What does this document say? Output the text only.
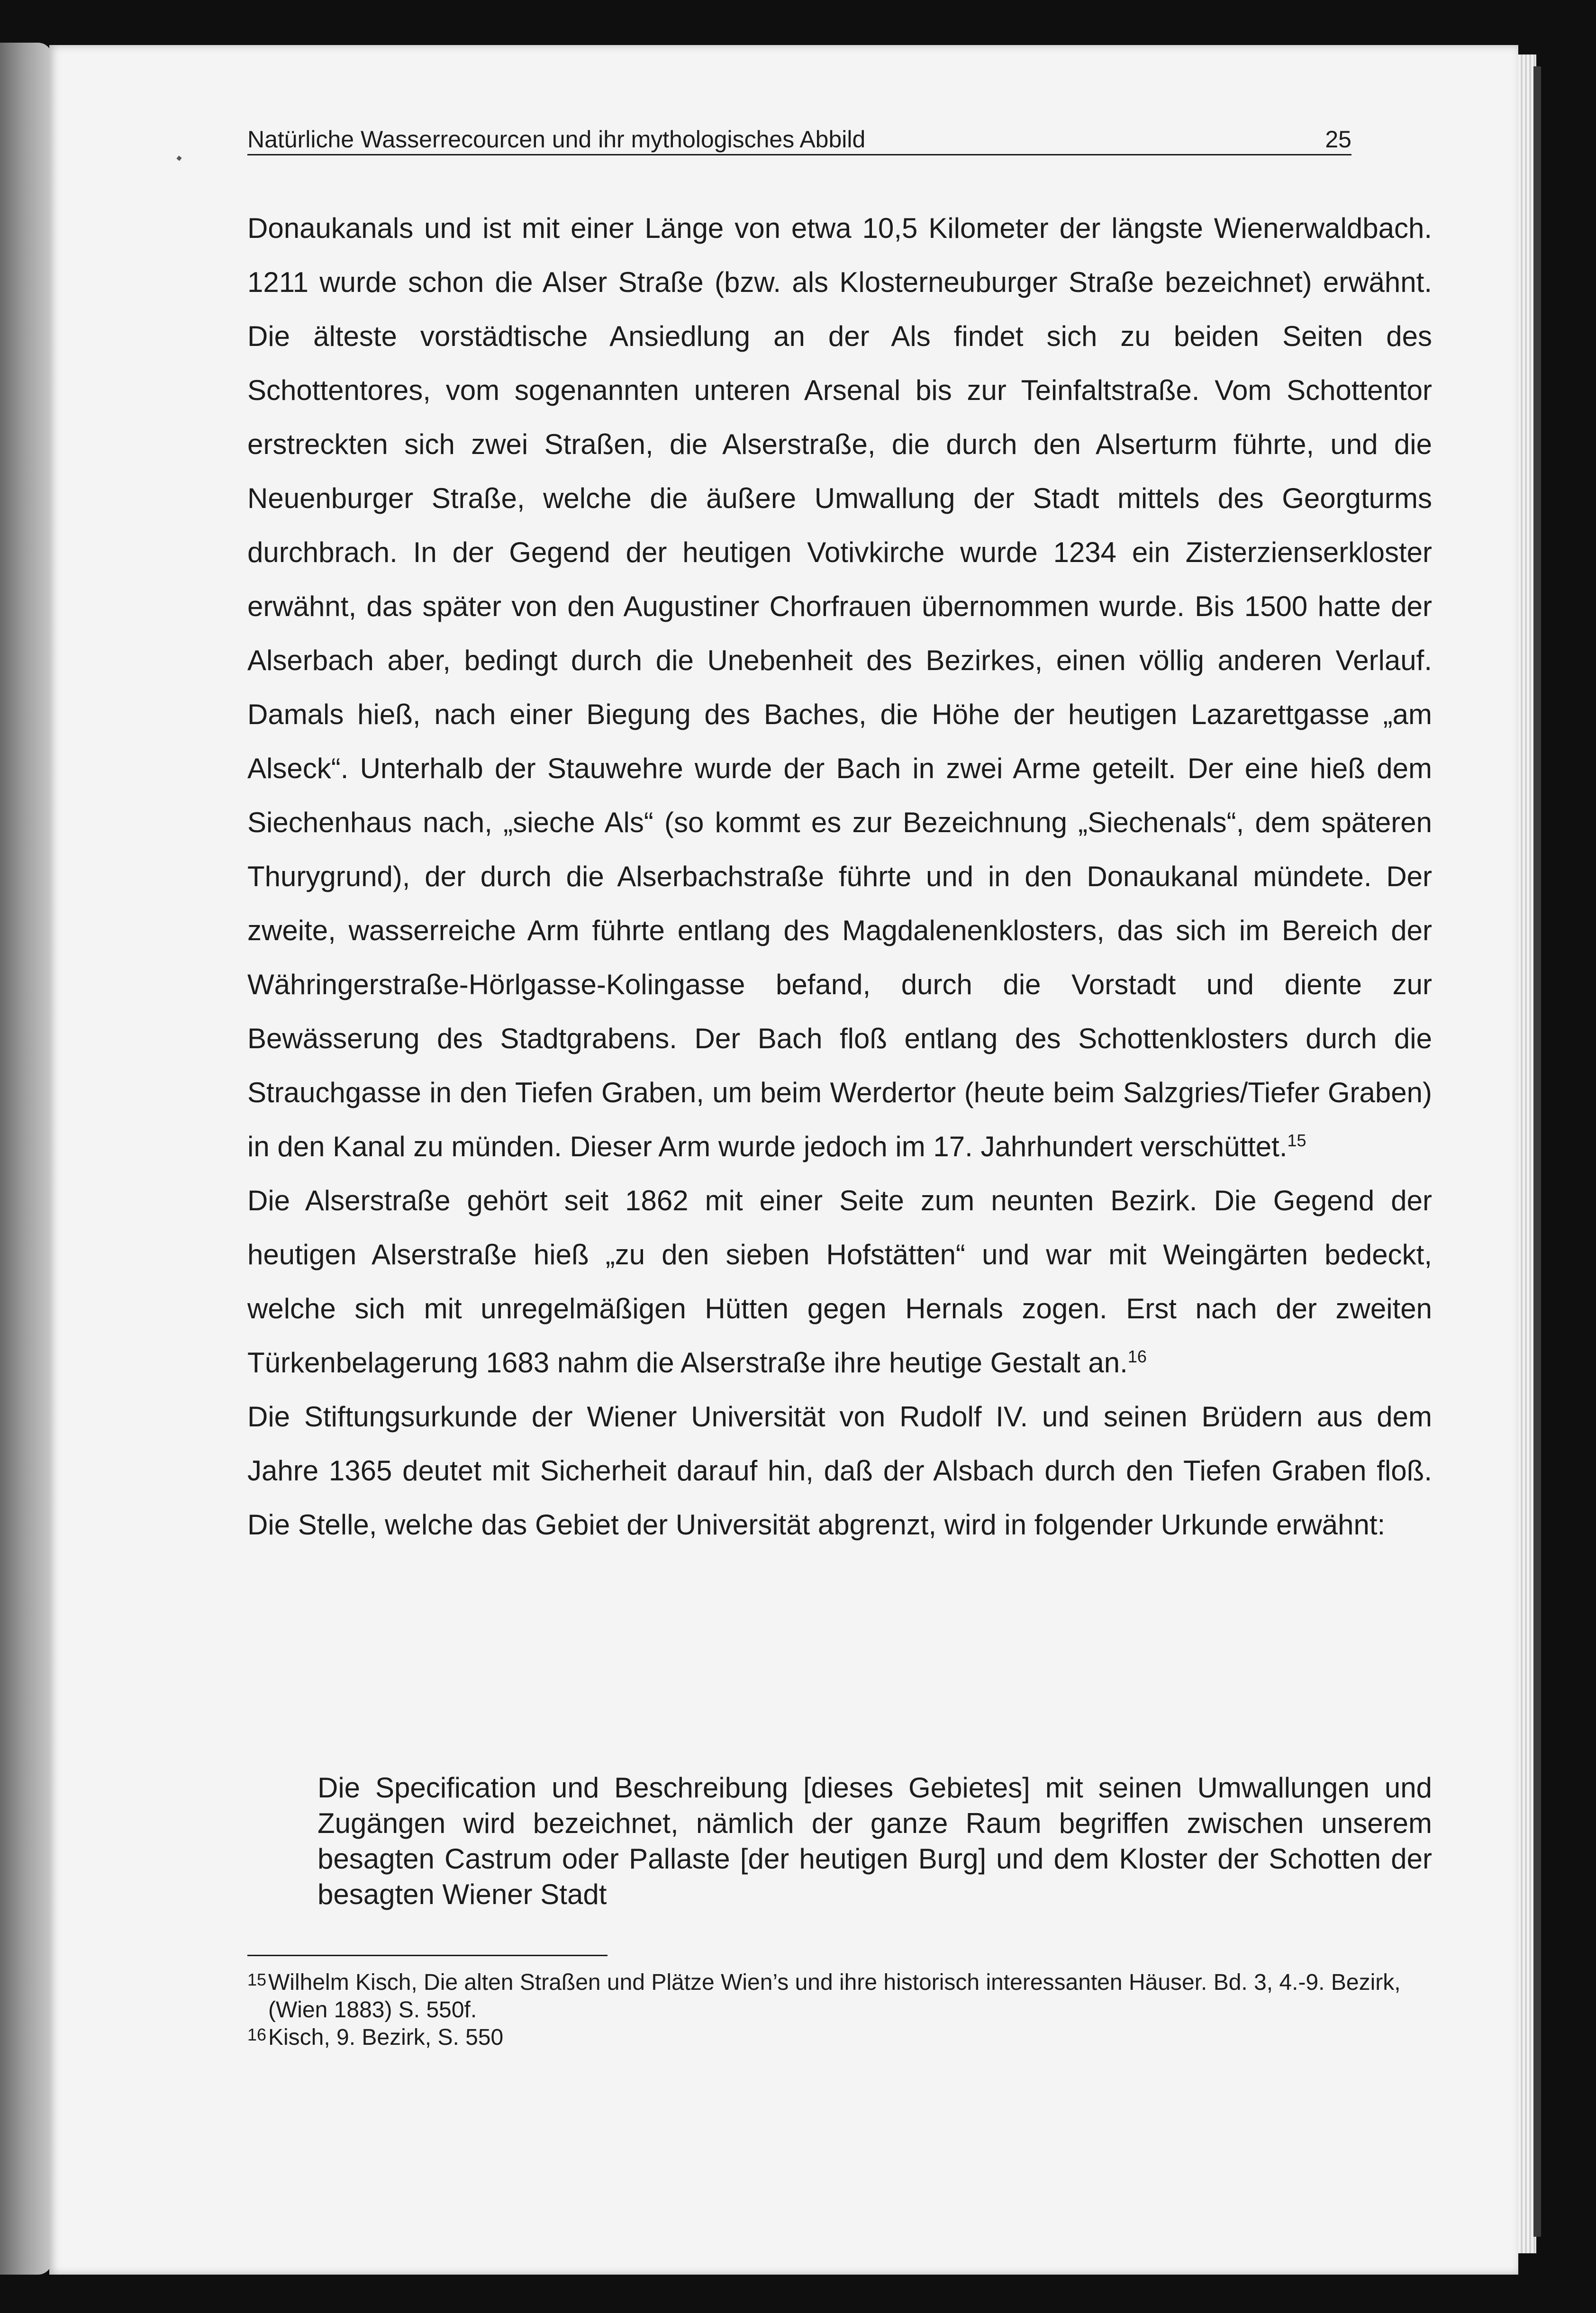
Natürliche Wasserrecourcen und ihr mythologisches Abbild	25

Donaukanals und ist mit einer Länge von etwa 10,5 Kilometer der längste Wienerwaldbach. 1211 wurde schon die Alser Straße (bzw. als Klosterneuburger Straße bezeichnet) erwähnt. Die älteste vorstädtische Ansiedlung an der Als findet sich zu beiden Seiten des Schottentores, vom sogenannten unteren Arsenal bis zur Teinfaltstraße. Vom Schottentor erstreckten sich zwei Straßen, die Alserstraße, die durch den Alserturm führte, und die Neuenburger Straße, welche die äußere Umwallung der Stadt mittels des Georgturms durchbrach. In der Gegend der heutigen Votivkirche wurde 1234 ein Zisterzienserkloster erwähnt, das später von den Augustiner Chorfrauen übernommen wurde. Bis 1500 hatte der Alserbach aber, bedingt durch die Unebenheit des Bezirkes, einen völlig anderen Verlauf. Damals hieß, nach einer Biegung des Baches, die Höhe der heutigen Lazarettgasse „am Alseck“. Unterhalb der Stauwehre wurde der Bach in zwei Arme geteilt. Der eine hieß dem Siechenhaus nach, „sieche Als“ (so kommt es zur Bezeichnung „Siechenals“, dem späteren Thurygrund), der durch die Alserbachstraße führte und in den Donaukanal mündete. Der zweite, wasserreiche Arm führte entlang des Magdalenenklosters, das sich im Bereich der Währingerstraße-Hörlgasse-Kolingasse befand, durch die Vorstadt und diente zur Bewässerung des Stadtgrabens. Der Bach floß entlang des Schottenklosters durch die Strauchgasse in den Tiefen Graben, um beim Werdertor (heute beim Salzgries/Tiefer Graben) in den Kanal zu münden. Dieser Arm wurde jedoch im 17. Jahrhundert verschüttet.$^{15}$

Die Alserstraße gehört seit 1862 mit einer Seite zum neunten Bezirk. Die Gegend der heutigen Alserstraße hieß „zu den sieben Hofstätten“ und war mit Weingärten bedeckt, welche sich mit unregelmäßigen Hütten gegen Hernals zogen. Erst nach der zweiten Türkenbelagerung 1683 nahm die Alserstraße ihre heutige Gestalt an.$^{16}$

Die Stiftungsurkunde der Wiener Universität von Rudolf IV. und seinen Brüdern aus dem Jahre 1365 deutet mit Sicherheit darauf hin, daß der Alsbach durch den Tiefen Graben floß. Die Stelle, welche das Gebiet der Universität abgrenzt, wird in folgender Urkunde erwähnt:

Die Specification und Beschreibung [dieses Gebietes] mit seinen Umwallungen und Zugängen wird bezeichnet, nämlich der ganze Raum begriffen zwischen unserem besagten Castrum oder Pallaste [der heutigen Burg] und dem Kloster der Schotten der besagten Wiener Stadt

15 Wilhelm Kisch, Die alten Straßen und Plätze Wien’s und ihre historisch interessanten Häuser. Bd. 3, 4.-9. Bezirk, (Wien 1883) S. 550f.

16 Kisch, 9. Bezirk, S. 550
